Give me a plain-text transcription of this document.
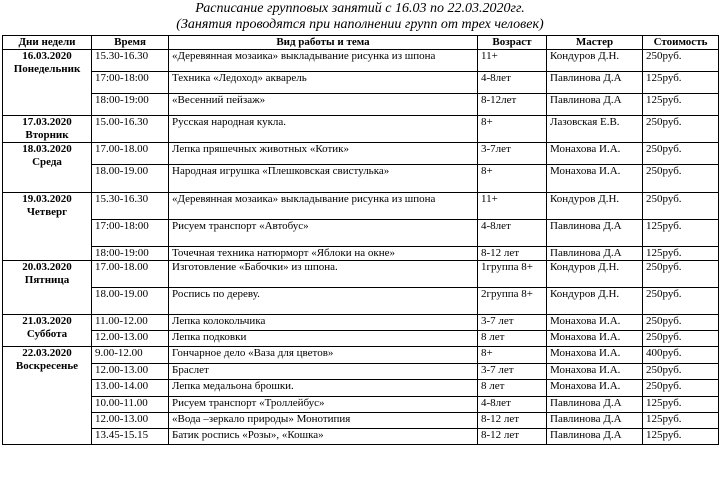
Расписание групповых занятий с 16.03 по 22.03.2020гг.
(Занятия проводятся при наполнении групп от трех человек)
Дни недели	Время	Вид работы и тема	Возраст	Мастер	Стоимость

16.03.2020
Понедельник	15.30-16.30	«Деревянная мозаика» выкладывание рисунка из шпона	11+	Кондуров Д.Н.	250руб.
	17:00-18:00	Техника «Ледоход» акварель	4-8лет	Павлинова Д.А	125руб.
	18:00-19:00	«Весенний пейзаж»	8-12лет	Павлинова Д.А	125руб.

17.03.2020
Вторник	15.00-16.30	Русская народная кукла.	8+	Лазовская Е.В.	250руб.

18.03.2020
Среда	17.00-18.00	Лепка пряшечных животных «Котик»	3-7лет	Монахова И.А.	250руб.
	18.00-19.00	Народная игрушка «Плешковская свистулька»	8+	Монахова И.А.	250руб.

19.03.2020
Четверг	15.30-16.30	«Деревянная мозаика» выкладывание рисунка из шпона	11+	Кондуров Д.Н.	250руб.
	17:00-18:00	Рисуем транспорт «Автобус»	4-8лет	Павлинова Д.А	125руб.
	18:00-19:00	Точечная техника натюрморт «Яблоки на окне»	8-12 лет	Павлинова Д.А	125руб.

20.03.2020
Пятница	17.00-18.00	Изготовление «Бабочки» из шпона.	1группа 8+	Кондуров Д.Н.	250руб.
	18.00-19.00	Роспись по дереву.	2группа 8+	Кондуров Д.Н.	250руб.

21.03.2020
Суббота	11.00-12.00	Лепка колокольчика	3-7 лет	Монахова И.А.	250руб.
	12.00-13.00	Лепка подковки	8 лет	Монахова И.А.	250руб.

22.03.2020
Воскресенье	9.00-12.00	Гончарное дело «Ваза для цветов»	8+	Монахова И.А.	400руб.
	12.00-13.00	Браслет	3-7 лет	Монахова И.А.	250руб.
	13.00-14.00	Лепка медальона брошки.	8 лет	Монахова И.А.	250руб.
	10.00-11.00	Рисуем транспорт «Троллейбус»	4-8лет	Павлинова Д.А	125руб.
	12.00-13.00	«Вода –зеркало природы» Монотипия	8-12 лет	Павлинова Д.А	125руб.
	13.45-15.15	Батик роспись «Розы», «Кошка»	8-12 лет	Павлинова Д.А	125руб.
